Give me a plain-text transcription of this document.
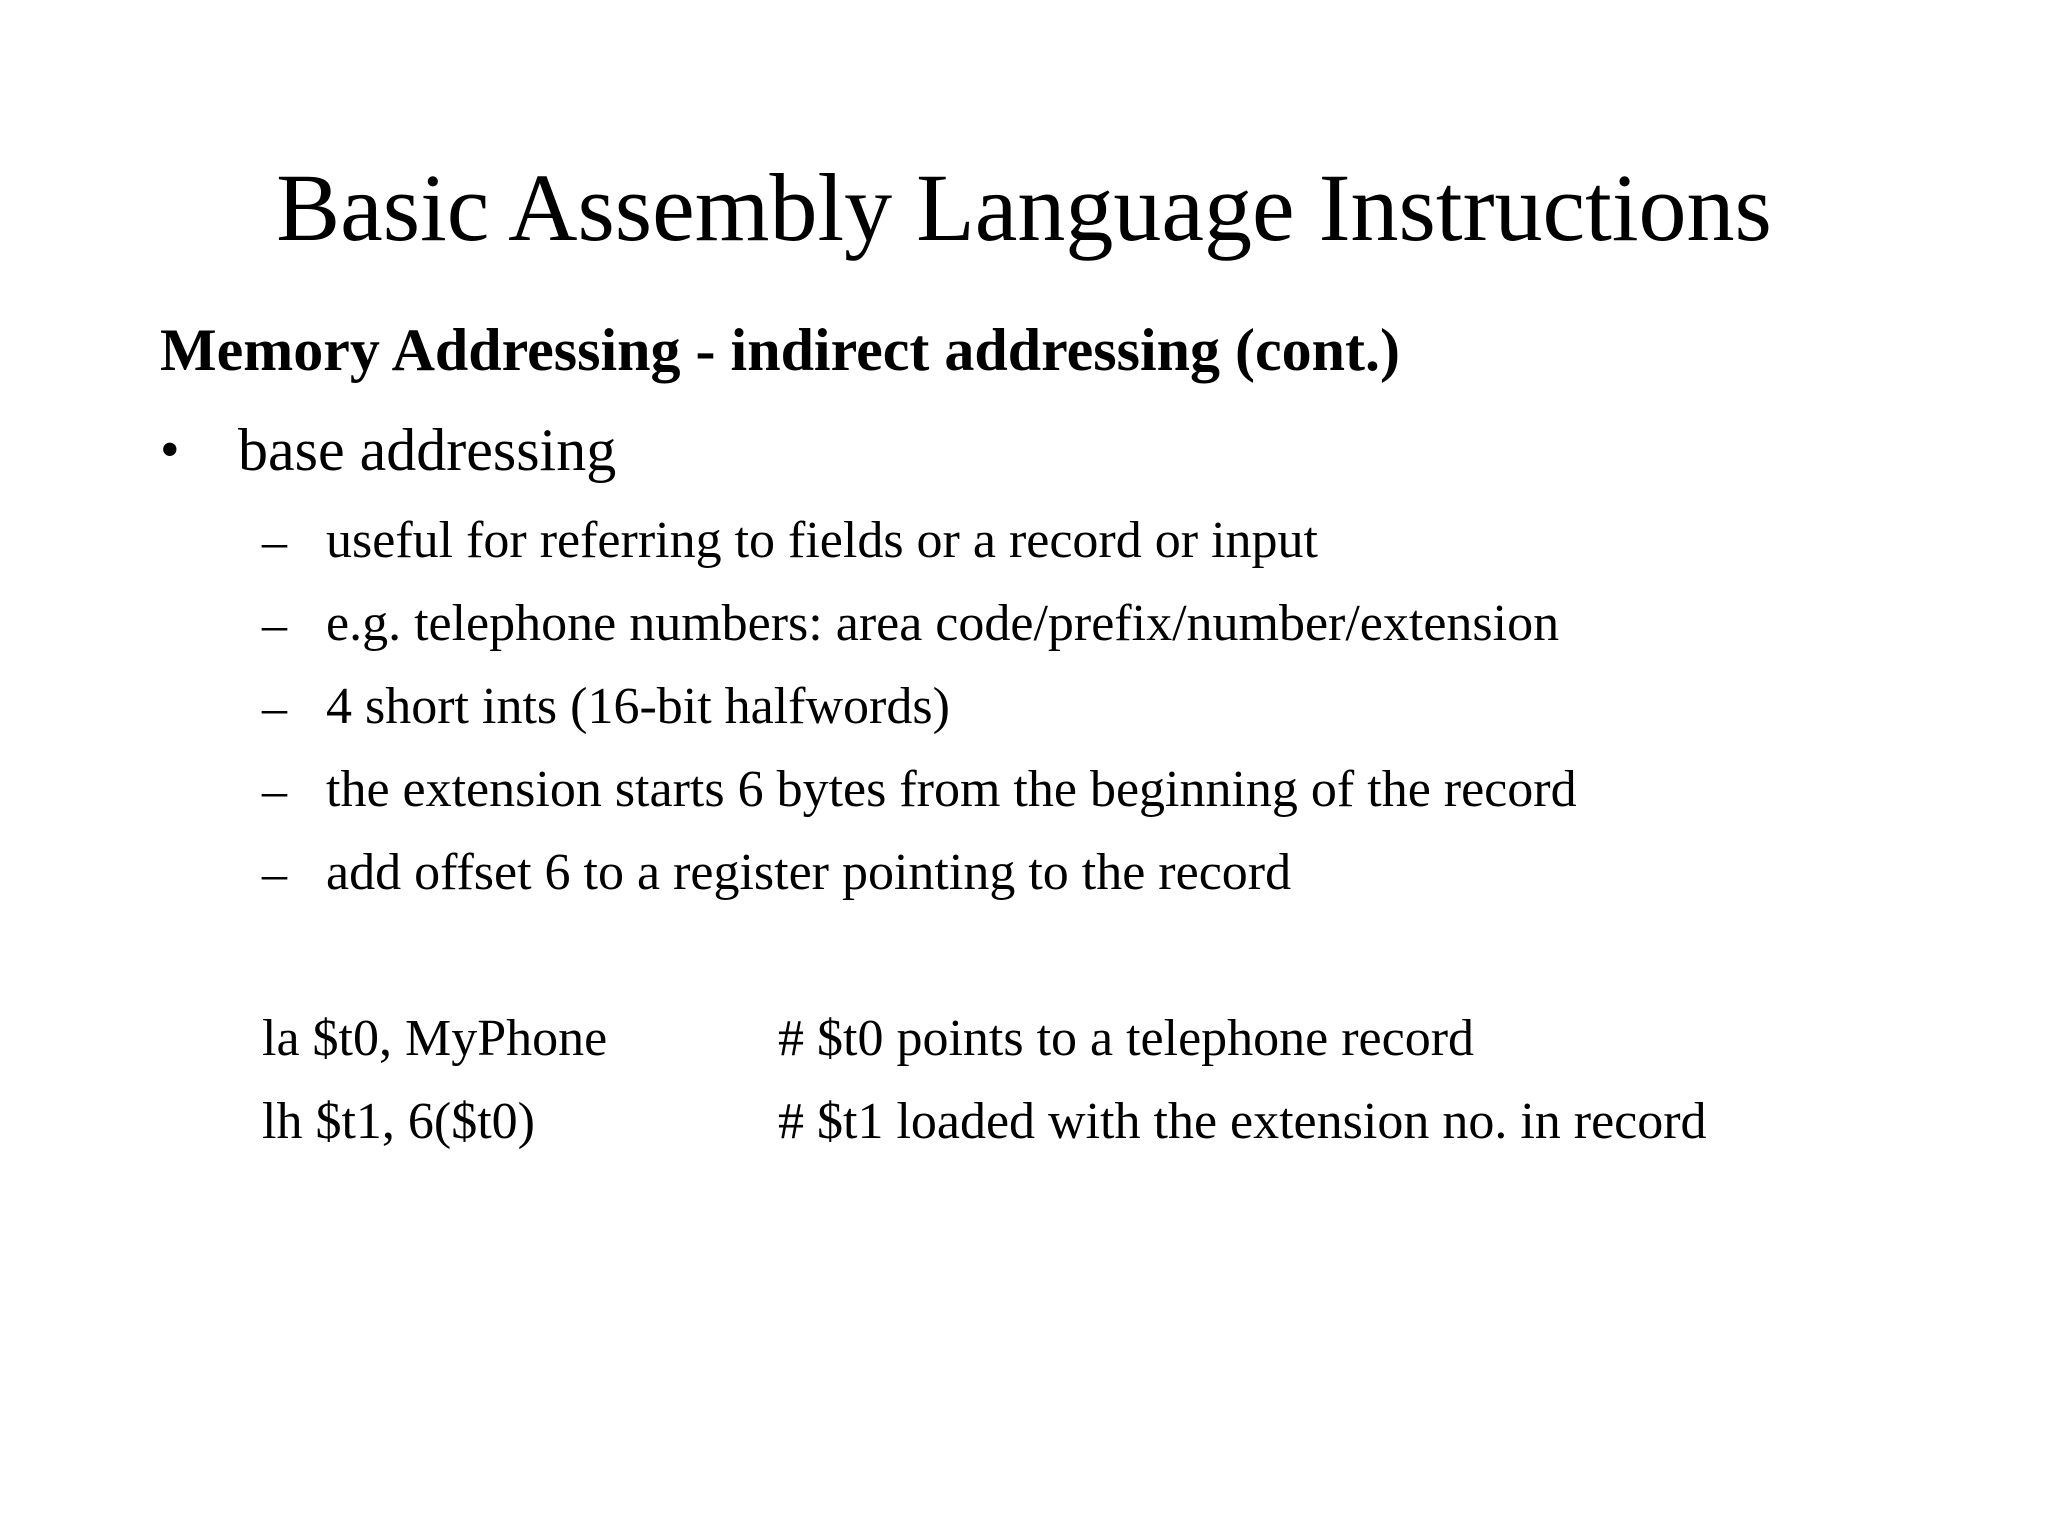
Basic Assembly Language Instructions
Memory Addressing - indirect addressing (cont.)
• base addressing
– useful for referring to fields or a record or input
– e.g. telephone numbers: area code/prefix/number/extension
– 4 short ints (16-bit halfwords)
– the extension starts 6 bytes from the beginning of the record
– add offset 6 to a register pointing to the record
la $t0, MyPhone	# $t0 points to a telephone record
lh $t1, 6($t0)	# $t1 loaded with the extension no. in record
